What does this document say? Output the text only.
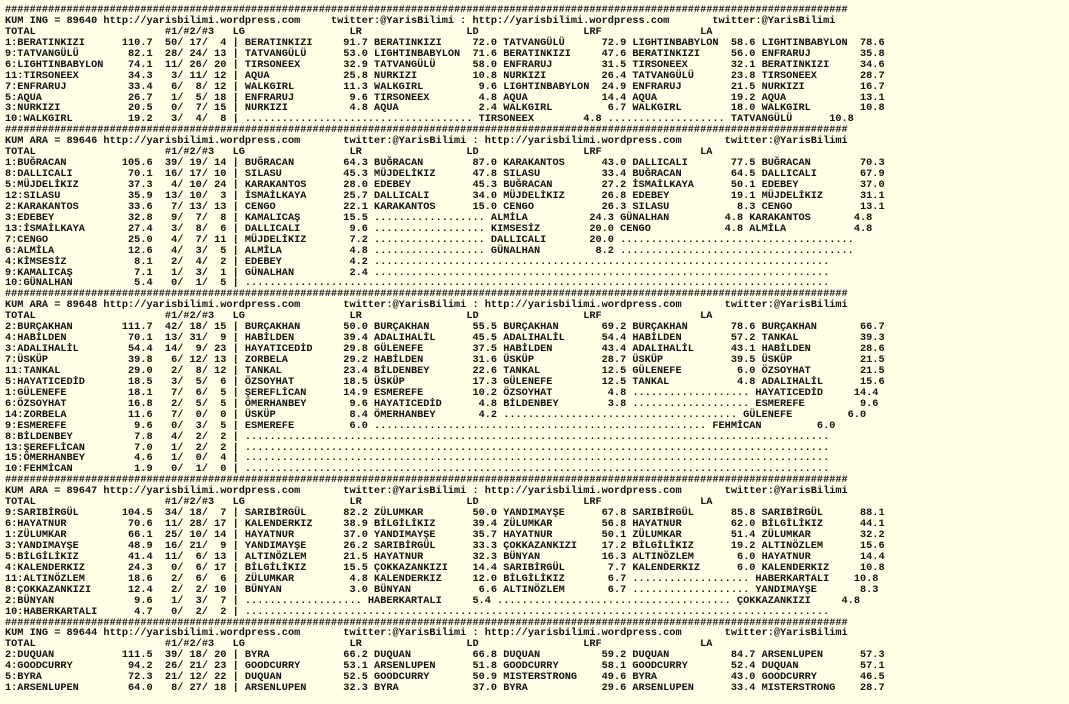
#########################################################################################################################################
KUM ING = 89640 http://yarisbilimi.wordpress.com     twitter:@YarisBilimi : http://yarisbilimi.wordpress.com       twitter:@YarisBilimi
TOTAL                     #1/#2/#3   LG                 LR                 LD                 LRF                LA
1:BERATINKIZI      110.7  50/ 17/  4 | BERATINKIZI     91.7 BERATINKIZI     72.0 TATVANGÜLÜ      72.9 LIGHTINBABYLON  58.6 LIGHTINBABYLON  78.6
9:TATVANGÜLÜ        82.1  28/ 24/ 13 | TATVANGÜLÜ      53.0 LIGHTINBABYLON  71.6 BERATINKIZI     47.6 BERATINKIZI     56.0 ENFRARUJ        35.8
6:LIGHTINBABYLON    74.1  11/ 26/ 20 | TIRSONEEX       32.9 TATVANGÜLÜ      58.0 ENFRARUJ        31.5 TIRSONEEX       32.1 BERATINKIZI     34.6
11:TIRSONEEX        34.3   3/ 11/ 12 | AQUA            25.8 NURKIZI         10.8 NURKIZI         26.4 TATVANGÜLÜ      23.8 TIRSONEEX       28.7
7:ENFRARUJ          33.4   6/  8/ 12 | WALKGIRL        11.3 WALKGIRL         9.6 LIGHTINBABYLON  24.9 ENFRARUJ        21.5 NURKIZI         16.7
5:AQUA              26.7   1/  5/ 18 | ENFRARUJ         9.6 TIRSONEEX        4.8 AQUA            14.4 AQUA            19.2 AQUA            13.1
3:NURKIZI           20.5   0/  7/ 15 | NURKIZI          4.8 AQUA             2.4 WALKGIRL         6.7 WALKGIRL        18.0 WALKGIRL        10.8
10:WALKGIRL         19.2   3/  4/  8 | ..................................... TIRSONEEX        4.8 ................... TATVANGÜLÜ      10.8
#########################################################################################################################################
KUM ARA = 89646 http://yarisbilimi.wordpress.com       twitter:@YarisBilimi : http://yarisbilimi.wordpress.com       twitter:@YarisBilimi
TOTAL                     #1/#2/#3   LG                 LR                 LD                 LRF                LA
1:BUĞRACAN         105.6  39/ 19/ 14 | BUĞRACAN        64.3 BUĞRACAN        87.0 KARAKANTOS      43.0 DALLICALI       77.5 BUĞRACAN        70.3
8:DALLICALI         70.1  16/ 17/ 10 | SILASU          45.3 MÜJDELİKIZ      47.8 SILASU          33.4 BUĞRACAN        64.5 DALLICALI       67.9
5:MÜJDELİKIZ        37.3   4/ 10/ 24 | KARAKANTOS      28.0 EDEBEY          45.3 BUĞRACAN        27.2 İSMAİLKAYA      50.1 EDEBEY          37.0
12:SILASU           35.9  13/ 10/  3 | İSMAİLKAYA      25.7 DALLICALI       34.0 MÜJDELİKIZ      26.8 EDEBEY          19.1 MÜJDELİKIZ      31.1
2:KARAKANTOS        33.6   7/ 13/ 13 | CENGO           22.1 KARAKANTOS      15.0 CENGO           26.3 SILASU           8.3 CENGO           13.1
3:EDEBEY            32.8   9/  7/  8 | KAMALICAŞ       15.5 .................. ALMİLA          24.3 GÜNALHAN         4.8 KARAKANTOS       4.8
13:İSMAİLKAYA       27.4   3/  8/  6 | DALLICALI        9.6 .................. KIMSESİZ        20.0 CENGO            4.8 ALMİLA           4.8
7:CENGO             25.0   4/  7/ 11 | MÜJDELİKIZ       7.2 .................. DALLICALI       20.0 ......................................
6:ALMİLA            12.6   4/  3/  5 | ALMİLA           4.8 .................. GÜNALHAN         8.2 ......................................
4:KİMSESİZ           8.1   2/  4/  2 | EDEBEY           4.2 ..........................................................................
9:KAMALICAŞ          7.1   1/  3/  1 | GÜNALHAN         2.4 ..........................................................................
10:GÜNALHAN          5.4   0/  1/  5 | ...............................................................................................
#########################################################################################################################################
KUM ARA = 89648 http://yarisbilimi.wordpress.com       twitter:@YarisBilimi : http://yarisbilimi.wordpress.com       twitter:@YarisBilimi
TOTAL                     #1/#2/#3   LG                 LR                 LD                 LRF                LA
2:BURÇAKHAN        111.7  42/ 18/ 15 | BURÇAKHAN       50.0 BURÇAKHAN       55.5 BURÇAKHAN       69.2 BURÇAKHAN       78.6 BURÇAKHAN       66.7
4:HABİLDEN          70.1  13/ 31/  9 | HABİLDEN        39.4 ADALIHALİL      45.5 ADALIHALİL      54.4 HABİLDEN        57.2 TANKAL          39.3
3:ADALIHALİL        54.4  14/  9/ 23 | HAYATICEDİD     29.8 GÜLENEFE        37.5 HABİLDEN        43.4 ADALIHALİL      43.1 HABİLDEN        28.6
7:ÜSKÜP             39.8   6/ 12/ 13 | ZORBELA         29.2 HABİLDEN        31.6 ÜSKÜP           28.7 ÜSKÜP           39.5 ÜSKÜP           21.5
11:TANKAL           29.0   2/  8/ 12 | TANKAL          23.4 BİLDENBEY       22.6 TANKAL          12.5 GÜLENEFE         6.0 ÖZSOYHAT        21.5
5:HAYATICEDİD       18.5   3/  5/  6 | ÖZSOYHAT        18.5 ÜSKÜP           17.3 GÜLENEFE        12.5 TANKAL           4.8 ADALIHALİL      15.6
1:GÜLENEFE          18.1   7/  6/  5 | ŞEREFLİCAN      14.9 ESMEREFE        10.2 ÖZSOYHAT         4.8 ................... HAYATICEDİD     14.4
6:ÖZSOYHAT          16.8   2/  5/  5 | ÖMERHANBEY       9.6 HAYATICEDİD      4.8 BİLDENBEY        3.8 ................... ESMEREFE         9.6
14:ZORBELA          11.6   7/  0/  0 | ÜSKÜP            8.4 ÖMERHANBEY       4.2 ...................................... GÜLENEFE         6.0
9:ESMEREFE           9.6   0/  3/  5 | ESMEREFE         6.0 ...................................................... FEHMİCAN         6.0
8:BİLDENBEY          7.8   4/  2/  2 | ...............................................................................................
13:ŞEREFLİCAN        7.0   1/  2/  2 | ...............................................................................................
15:ÖMERHANBEY        4.6   1/  0/  4 | ...............................................................................................
10:FEHMİCAN          1.9   0/  1/  0 | ...............................................................................................
#########################################################################################################################################
KUM ARA = 89647 http://yarisbilimi.wordpress.com       twitter:@YarisBilimi : http://yarisbilimi.wordpress.com       twitter:@YarisBilimi
TOTAL                     #1/#2/#3   LG                 LR                 LD                 LRF                LA
9:SARIBİRGÜL       104.5  34/ 18/  7 | SARIBİRGÜL      82.2 ZÜLUMKAR        50.0 YANDIMAYŞE      67.8 SARIBİRGÜL      85.8 SARIBİRGÜL      88.1
6:HAYATNUR          70.6  11/ 28/ 17 | KALENDERKIZ     38.9 BİLGİLİKIZ      39.4 ZÜLUMKAR        56.8 HAYATNUR        62.0 BİLGİLİKIZ      44.1
1:ZÜLUMKAR          66.1  25/ 10/ 14 | HAYATNUR        37.0 YANDIMAYŞE      35.7 HAYATNUR        50.1 ZÜLUMKAR        51.4 ZÜLUMKAR        32.2
3:YANDIMAYŞE        48.9  16/ 21/  9 | YANDIMAYŞE      26.2 SARIBİRGÜL      33.3 ÇOKKAZANKIZI    17.2 BİLGİLİKIZ      19.2 ALTINÖZLEM      15.6
5:BİLGİLİKIZ        41.4  11/  6/ 13 | ALTINÖZLEM      21.5 HAYATNUR        32.3 BÜNYAN          16.3 ALTINÖZLEM       6.0 HAYATNUR        14.4
4:KALENDERKIZ       24.3   0/  6/ 17 | BİLGİLİKIZ      15.5 ÇOKKAZANKIZI    14.4 SARIBİRGÜL       7.7 KALENDERKIZ      6.0 KALENDERKIZ     10.8
11:ALTINÖZLEM       18.6   2/  6/  6 | ZÜLUMKAR         4.8 KALENDERKIZ     12.0 BİLGİLİKIZ       6.7 ................... HABERKARTALI    10.8
8:ÇOKKAZANKIZI      12.4   2/  2/ 10 | BÜNYAN           3.0 BÜNYAN           6.6 ALTINÖZLEM       6.7 ................... YANDIMAYŞE       8.3
2:BÜNYAN             9.6   1/  3/  7 | ................... HABERKARTALI     5.4 ...................................... ÇOKKAZANKIZI     4.8
10:HABERKARTALI      4.7   0/  2/  2 | ...............................................................................................
#########################################################################################################################################
KUM ING = 89644 http://yarisbilimi.wordpress.com       twitter:@YarisBilimi : http://yarisbilimi.wordpress.com       twitter:@YarisBilimi
TOTAL                     #1/#2/#3   LG                 LR                 LD                 LRF                LA
2:DUQUAN           111.5  39/ 18/ 20 | BYRA            66.2 DUQUAN          66.8 DUQUAN          59.2 DUQUAN          84.7 ARSENLUPEN      57.3
4:GOODCURRY         94.2  26/ 21/ 23 | GOODCURRY       53.1 ARSENLUPEN      51.8 GOODCURRY       58.1 GOODCURRY       52.4 DUQUAN          57.1
5:BYRA              72.3  21/ 12/ 22 | DUQUAN          52.5 GOODCURRY       50.9 MISTERSTRONG    49.6 BYRA            43.0 GOODCURRY       46.5
1:ARSENLUPEN        64.0   8/ 27/ 18 | ARSENLUPEN      32.3 BYRA            37.0 BYRA            29.6 ARSENLUPEN      33.4 MISTERSTRONG    28.7
